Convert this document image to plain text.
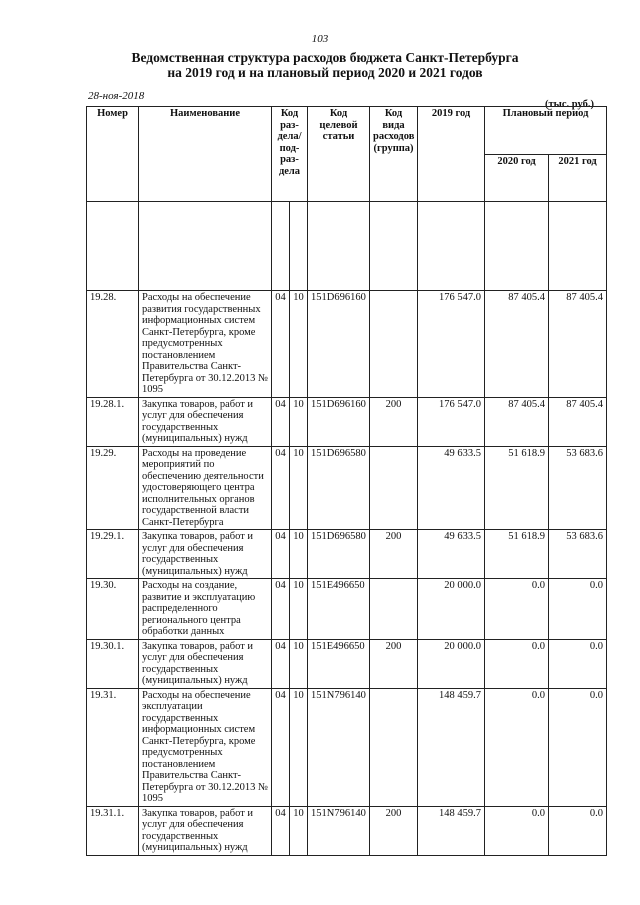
103
Ведомственная структура расходов бюджета Санкт-Петербурга
на 2019 год и на плановый период 2020 и 2021 годов
28-ноя-2018
(тыс. руб.)
Номер	Наименование	Код раз-дела/ под-раз-дела		Код целевой статьи	Код вида расходов (группа)	2019 год	Плановый период	
							2020 год	2021 год

19.28.	Расходы на обеспечение развития государственных информационных систем Санкт-Петербурга, кроме предусмотренных постановлением Правительства Санкт-Петербурга от 30.12.2013 № 1095	04	10	151D696160		176 547.0	87 405.4	87 405.4
19.28.1.	Закупка товаров, работ и услуг для обеспечения государственных (муниципальных) нужд	04	10	151D696160	200	176 547.0	87 405.4	87 405.4
19.29.	Расходы на проведение мероприятий по обеспечению деятельности удостоверяющего центра исполнительных органов государственной власти Санкт-Петербурга	04	10	151D696580		49 633.5	51 618.9	53 683.6
19.29.1.	Закупка товаров, работ и услуг для обеспечения государственных (муниципальных) нужд	04	10	151D696580	200	49 633.5	51 618.9	53 683.6
19.30.	Расходы на создание, развитие и эксплуатацию распределенного регионального центра обработки данных	04	10	151E496650		20 000.0	0.0	0.0
19.30.1.	Закупка товаров, работ и услуг для обеспечения государственных (муниципальных) нужд	04	10	151E496650	200	20 000.0	0.0	0.0
19.31.	Расходы на обеспечение эксплуатации государственных информационных систем Санкт-Петербурга, кроме предусмотренных постановлением Правительства Санкт-Петербурга от 30.12.2013 № 1095	04	10	151N796140		148 459.7	0.0	0.0
19.31.1.	Закупка товаров, работ и услуг для обеспечения государственных (муниципальных) нужд	04	10	151N796140	200	148 459.7	0.0	0.0
